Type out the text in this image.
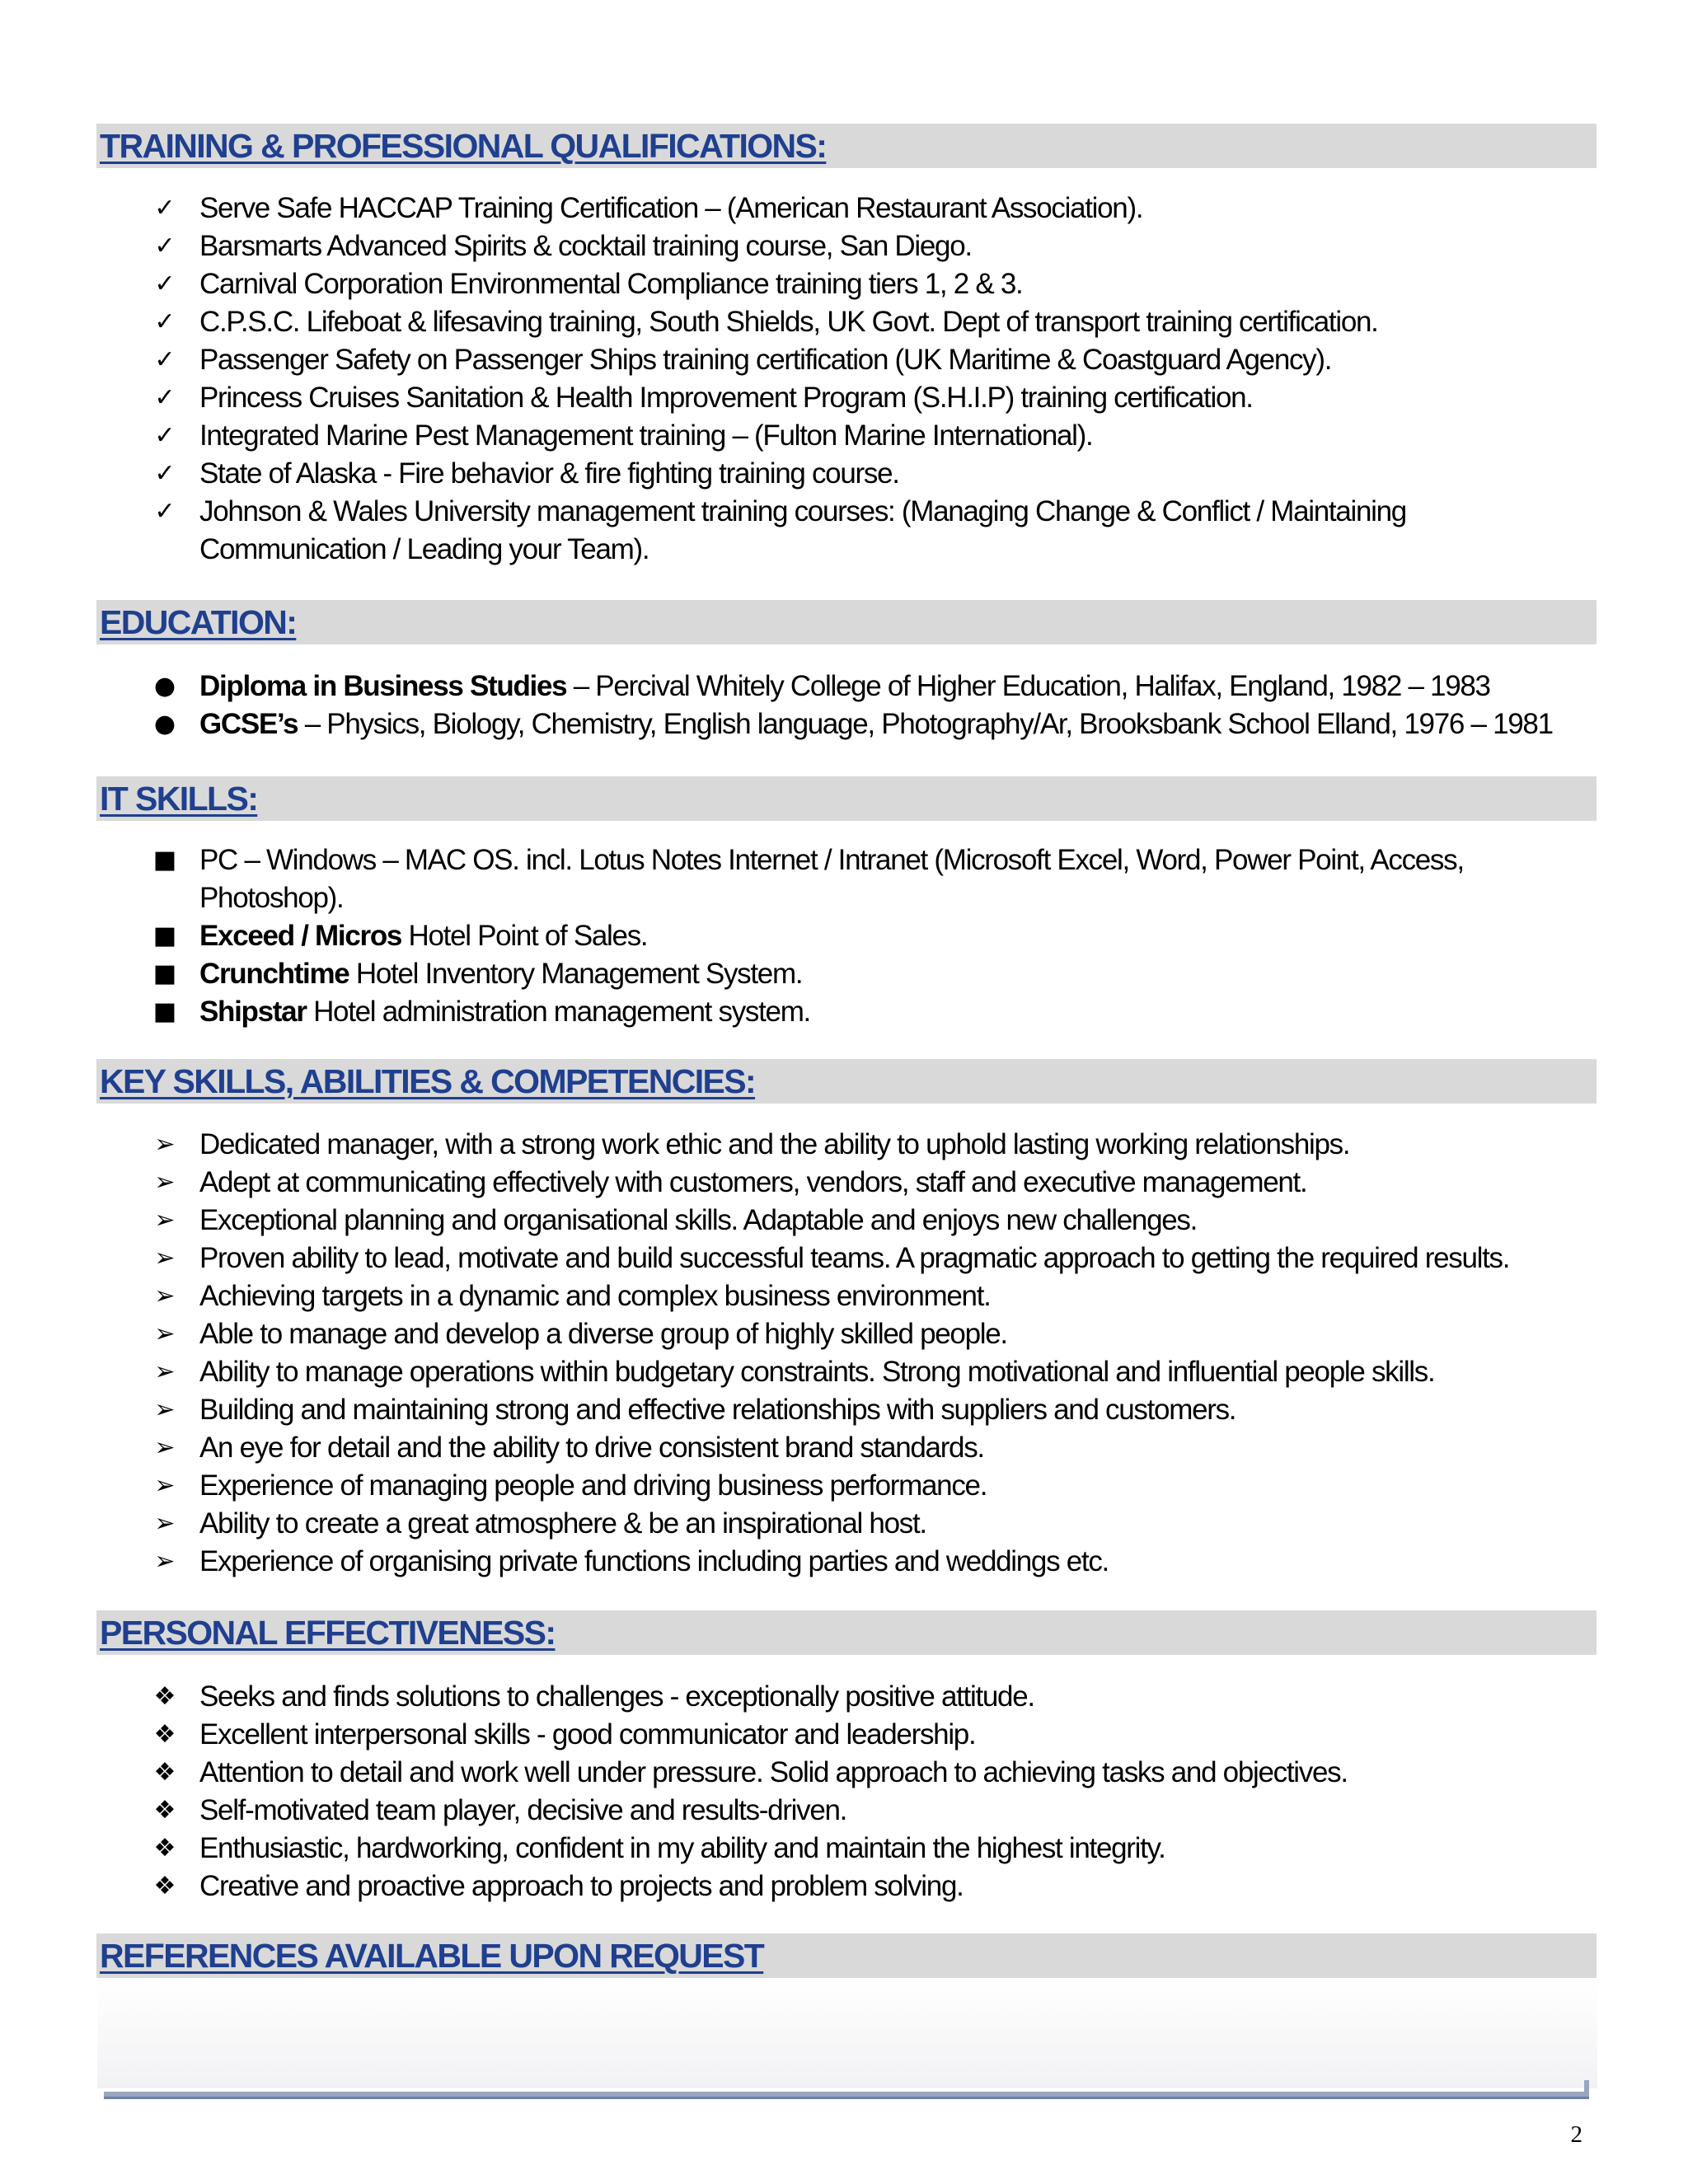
TRAINING & PROFESSIONAL QUALIFICATIONS:
✓ Serve Safe HACCAP Training Certification – (American Restaurant Association).
✓ Barsmarts Advanced Spirits & cocktail training course, San Diego.
✓ Carnival Corporation Environmental Compliance training tiers 1, 2 & 3.
✓ C.P.S.C. Lifeboat & lifesaving training, South Shields, UK Govt. Dept of transport training certification.
✓ Passenger Safety on Passenger Ships training certification (UK Maritime & Coastguard Agency).
✓ Princess Cruises Sanitation & Health Improvement Program (S.H.I.P) training certification.
✓ Integrated Marine Pest Management training – (Fulton Marine International).
✓ State of Alaska - Fire behavior & fire fighting training course.
✓ Johnson & Wales University management training courses: (Managing Change & Conflict / Maintaining
Communication / Leading your Team).
EDUCATION:
● Diploma in Business Studies – Percival Whitely College of Higher Education, Halifax, England, 1982 – 1983
● GCSE’s – Physics, Biology, Chemistry, English language, Photography/Ar, Brooksbank School Elland, 1976 – 1981
IT SKILLS:
■ PC – Windows – MAC OS. incl. Lotus Notes Internet / Intranet (Microsoft Excel, Word, Power Point, Access,
Photoshop).
■ Exceed / Micros Hotel Point of Sales.
■ Crunchtime Hotel Inventory Management System.
■ Shipstar Hotel administration management system.
KEY SKILLS, ABILITIES & COMPETENCIES:
➢ Dedicated manager, with a strong work ethic and the ability to uphold lasting working relationships.
➢ Adept at communicating effectively with customers, vendors, staff and executive management.
➢ Exceptional planning and organisational skills. Adaptable and enjoys new challenges.
➢ Proven ability to lead, motivate and build successful teams. A pragmatic approach to getting the required results.
➢ Achieving targets in a dynamic and complex business environment.
➢ Able to manage and develop a diverse group of highly skilled people.
➢ Ability to manage operations within budgetary constraints. Strong motivational and influential people skills.
➢ Building and maintaining strong and effective relationships with suppliers and customers.
➢ An eye for detail and the ability to drive consistent brand standards.
➢ Experience of managing people and driving business performance.
➢ Ability to create a great atmosphere & be an inspirational host.
➢ Experience of organising private functions including parties and weddings etc.
PERSONAL EFFECTIVENESS:
❖ Seeks and finds solutions to challenges - exceptionally positive attitude.
❖ Excellent interpersonal skills - good communicator and leadership.
❖ Attention to detail and work well under pressure. Solid approach to achieving tasks and objectives.
❖ Self-motivated team player, decisive and results-driven.
❖ Enthusiastic, hardworking, confident in my ability and maintain the highest integrity.
❖ Creative and proactive approach to projects and problem solving.
REFERENCES AVAILABLE UPON REQUEST
2
